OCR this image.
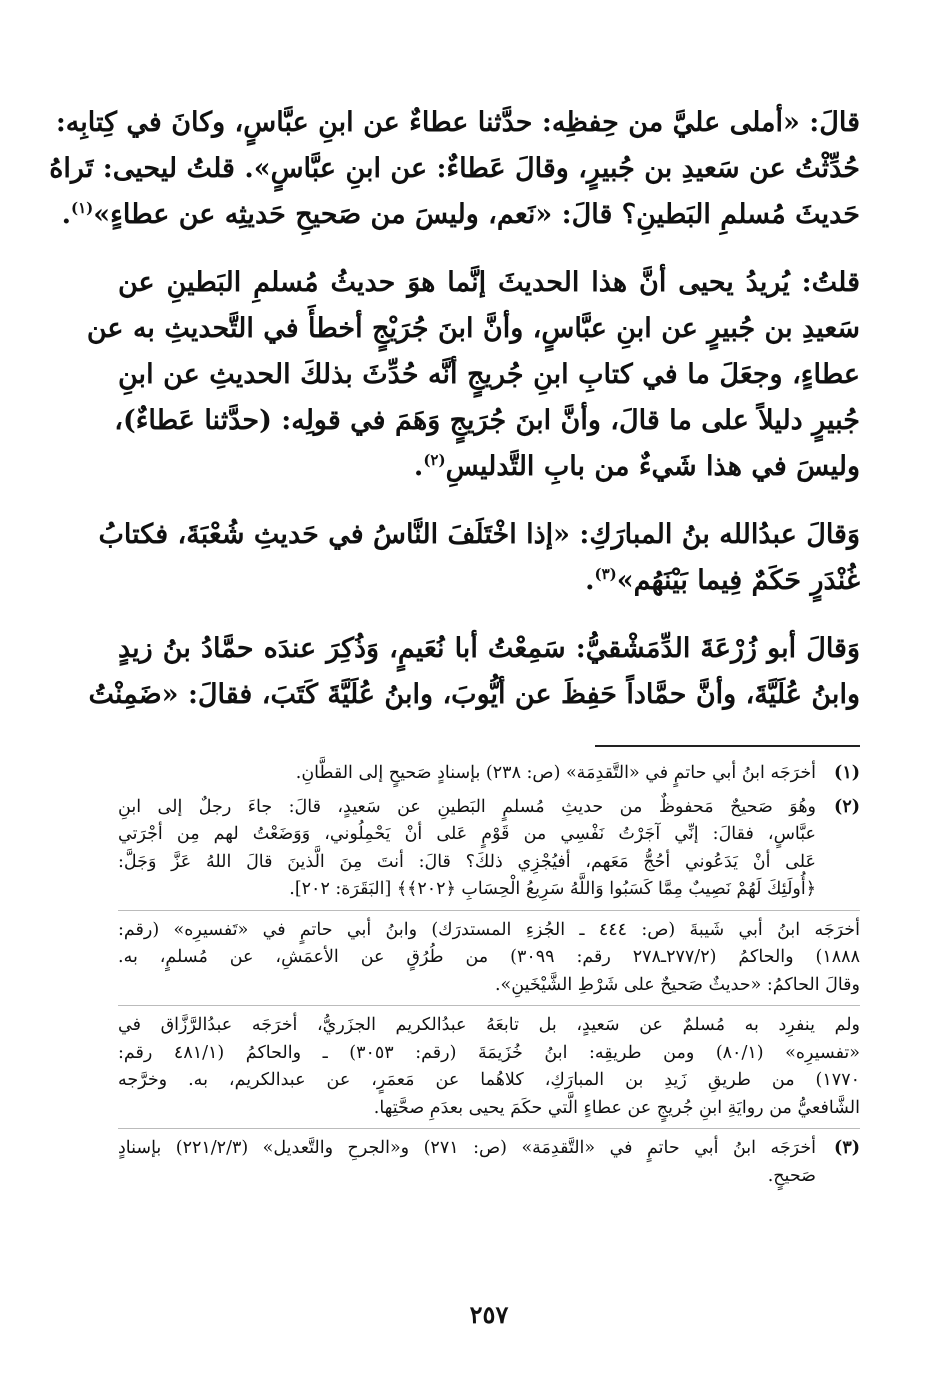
قالَ: «أملى عليَّ من حِفظِه: حدَّثنا عطاءٌ عن ابنِ عبَّاسٍ، وكانَ في كِتابِه:
حُدِّثْتُ عن سَعيدِ بن جُبيرٍ، وقالَ عَطاءٌ: عن ابنِ عبَّاسٍ». قلتُ ليحيى: تَراهُ
حَديثَ مُسلمِ البَطينِ؟ قالَ: «نَعم، وليسَ من صَحيحِ حَديثِه عن عطاءٍ»$^{(١)}$.

قلتُ: يُريدُ يحيى أنَّ هذا الحديثَ إنَّما هوَ حديثُ مُسلمِ البَطينِ عن
سَعيدِ بن جُبيرٍ عن ابنِ عبَّاسٍ، وأنَّ ابنَ جُرَيْجٍ أخطأَ في التَّحديثِ به عن
عطاءٍ، وجعَلَ ما في كتابِ ابنِ جُريجٍ أنَّه حُدِّثَ بذلكَ الحديثِ عن ابنِ
جُبيرٍ دليلاً على ما قالَ، وأنَّ ابنَ جُرَيجٍ وَهَمَ في قولِه: (حدَّثنا عَطاءٌ)،
وليسَ في هذا شَيءٌ من بابِ التَّدليسِ$^{(٢)}$.

وَقالَ عبدُالله بنُ المبارَكِ: «إذا اخْتَلَفَ النَّاسُ في حَديثِ شُعْبَةَ، فكتابُ
غُنْدَرٍ حَكَمٌ فِيما بَيْنَهُم»$^{(٣)}$.

وَقالَ أبو زُرْعَةَ الدِّمَشْقيُّ: سَمِعْتُ أبا نُعَيمٍ، وَذُكِرَ عندَه حمَّادُ بنُ زيدٍ
وابنُ عُلَيَّةَ، وأنَّ حمَّاداً حَفِظَ عن أيُّوبَ، وابنُ عُلَيَّةَ كَتَبَ، فقالَ: «ضَمِنْتُ

(١)
أخرَجَه ابنُ أبي حاتمٍ في «التَّقدِمَة» (ص: ٢٣٨) بإسنادٍ صَحيحٍ إلى القطَّانِ.
(٢)
وهُوَ صَحيحٌ مَحفوظٌ من حديثِ مُسلمٍ البَطينِ عن سَعيدٍ، قالَ: جاءَ رجلٌ إلى ابنِ
عبَّاسٍ، فقالَ: إنِّي آجَرْتُ نَفْسِي من قَوْمٍ عَلى أنْ يَحْمِلُوني، وَوَضَعْتُ لهم مِن أجْرَتي
عَلى أنْ يَدَعُوني أحُجُّ مَعَهم، أفيُجْزِي ذلكَ؟ قالَ: أنتَ مِنَ الَّذينَ قالَ اللهُ عَزَّ وَجَلَّ:
﴿أُولَئِكَ لَهُمْ نَصِيبٌ مِمَّا كَسَبُوا وَاللَّهُ سَرِيعُ الْحِسَابِ ﴿٢٠٢﴾﴾ [البَقَرَة: ٢٠٢].
أخرَجَه ابنُ أبي شَيبةَ (ص: ٤٤٤ ـ الجُزءِ المستدرَك) وابنُ أبي حاتمٍ في «تَفسيرِه» (رقم:
١٨٨٨) والحاكمُ (٢٧٧/٢ـ٢٧٨ رقم: ٣٠٩٩) من طُرُقٍ عن الأعمَشِ، عن مُسلمٍ، به.
وقالَ الحاكمُ: «حديثٌ صَحيحٌ على شَرْطِ الشَّيْخَينِ».
ولم ينفرِد به مُسلمٌ عن سَعيدٍ، بل تابعَهُ عبدُالكريم الجزَريُّ، أخرَجَه عبدُالرَّزَّاق في
«تفسيرِه» (٨٠/١) ومن طريقِه: ابنُ خُزَيمَةَ (رقم: ٣٠٥٣) ـ والحاكمُ (٤٨١/١ رقم:
١٧٧٠) من طريقِ زَيدِ بن المبارَكِ، كلاهُما عن مَعمَرٍ، عن عبدالكريم، به. وخرَّجه
الشَّافعيُّ من روايَةِ ابنِ جُريجٍ عن عطاءٍ الَّتي حكَمَ يحيى بعدَمِ صحَّتِها.
(٣)
أخرَجَه ابنُ أبي حاتمٍ في «التَّقدِمَة» (ص: ٢٧١) و«الجرحِ والتَّعديل» (٢٢١/٢/٣) بإسنادٍ
صَحيحٍ.
٢٥٧
